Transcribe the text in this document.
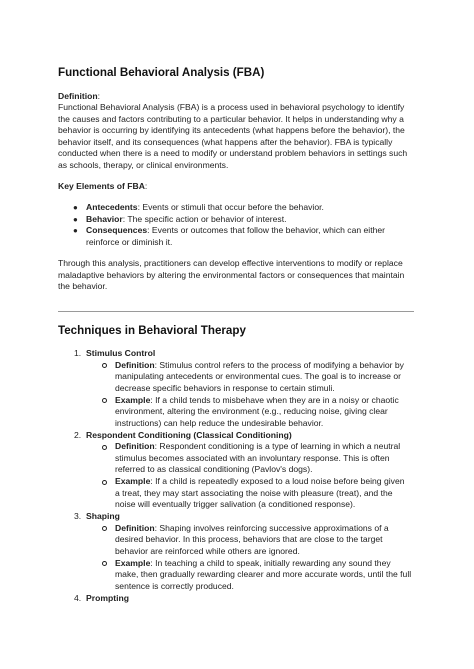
Functional Behavioral Analysis (FBA)
Definition:
Functional Behavioral Analysis (FBA) is a process used in behavioral psychology to identify
the causes and factors contributing to a particular behavior. It helps in understanding why a
behavior is occurring by identifying its antecedents (what happens before the behavior), the
behavior itself, and its consequences (what happens after the behavior). FBA is typically
conducted when there is a need to modify or understand problem behaviors in settings such
as schools, therapy, or clinical environments.
Key Elements of FBA:
● Antecedents: Events or stimuli that occur before the behavior.
● Behavior: The specific action or behavior of interest.
● Consequences: Events or outcomes that follow the behavior, which can either
reinforce or diminish it.
Through this analysis, practitioners can develop effective interventions to modify or replace
maladaptive behaviors by altering the environmental factors or consequences that maintain
the behavior.
Techniques in Behavioral Therapy
1. Stimulus Control
Definition: Stimulus control refers to the process of modifying a behavior by
manipulating antecedents or environmental cues. The goal is to increase or
decrease specific behaviors in response to certain stimuli.
Example: If a child tends to misbehave when they are in a noisy or chaotic
environment, altering the environment (e.g., reducing noise, giving clear
instructions) can help reduce the undesirable behavior.
2. Respondent Conditioning (Classical Conditioning)
Definition: Respondent conditioning is a type of learning in which a neutral
stimulus becomes associated with an involuntary response. This is often
referred to as classical conditioning (Pavlov's dogs).
Example: If a child is repeatedly exposed to a loud noise before being given
a treat, they may start associating the noise with pleasure (treat), and the
noise will eventually trigger salivation (a conditioned response).
3. Shaping
Definition: Shaping involves reinforcing successive approximations of a
desired behavior. In this process, behaviors that are close to the target
behavior are reinforced while others are ignored.
Example: In teaching a child to speak, initially rewarding any sound they
make, then gradually rewarding clearer and more accurate words, until the full
sentence is correctly produced.
4. Prompting
